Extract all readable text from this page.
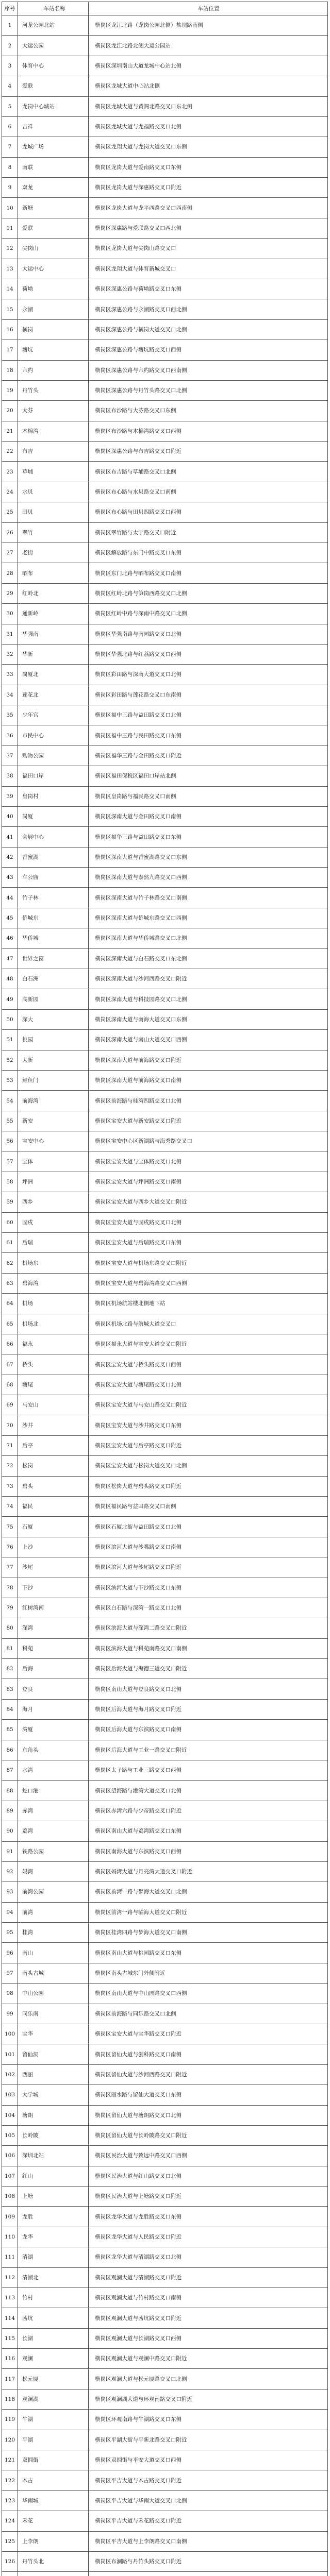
序号	车站名称	车站位置
1	河龙公园北站	横岗区龙江北路（龙岗公园北侧）盐坝路南侧
2	大运公园	横岗区龙江北路北侧大运公园站
3	体育中心	横岗区深圳南山大道龙城中心站北侧
4	爱联	横岗区龙城大道中心站北侧
5	龙岗中心城站	横岗区龙城大道与黄阁北路交叉口东北侧
6	吉祥	横岗区龙城大道与龙福路交叉口北侧
7	龙城广场	横岗区龙翔大道与龙岗大道交叉口东侧
8	南联	横岗区龙岗大道与爱南路交叉口东侧
9	双龙	横岗区龙岗大道与深惠路交叉口附近
10	新塘	横岗区龙岗大道与龙平西路交叉口西南侧
11	爱联	横岗区深惠路与爱联路交叉口西北侧
12	尖岗山	横岗区龙岗大道与尖岗山路交叉口
13	大运中心	横岗区龙翔大道与体育新城交叉口
14	荷坳	横岗区深惠公路与荷坳路交叉口东侧
15	永湖	横岗区深惠公路与永湖路交叉口西北侧
16	横岗	横岗区深惠公路与横岗大道交叉口北侧
17	塘坑	横岗区深惠公路与塘坑路交叉口西侧
18	六约	横岗区深惠公路与六约路交叉口西南侧
19	丹竹头	横岗区深惠公路与丹竹头路交叉口北侧
20	大芬	横岗区布沙路与大芬路交叉口东侧
21	木棉湾	横岗区布沙路与木棉湾路交叉口西侧
22	布吉	横岗区深惠公路与布吉路交叉口附近
23	草埔	横岗区布吉路与草埔路交叉口北侧
24	水贝	横岗区布心路与水贝路交叉口南侧
25	田贝	横岗区布心路与田贝四路交叉口西侧
26	翠竹	横岗区翠竹路与太宁路交叉口附近
27	老街	横岗区解放路与东门中路交叉口东侧
28	晒布	横岗区东门北路与晒布路交叉口南侧
29	红岭北	横岗区红岭北路与笋岗西路交叉口北侧
30	通新岭	横岗区红岭中路与深南中路交叉口北侧
31	华强南	横岗区华强南路与南园路交叉口北侧
32	华新	横岗区华强北路与红荔路交叉口西侧
33	岗厦北	横岗区彩田路与深南大道交叉口北侧
34	莲花北	横岗区彩田路与莲花路交叉口东南侧
35	少年宫	横岗区福中三路与益田路交叉口北侧
36	市民中心	横岗区福中三路与民田路交叉口东侧
37	购物公园	横岗区福华三路与金田路交叉口附近
38	福田口岸	横岗区福田保税区福田口岸站北侧
39	皇岗村	横岗区皇岗路与福民路交叉口南侧
40	岗厦	横岗区深南大道与金田路交叉口南侧
41	会展中心	横岗区福华三路与益田路交叉口东侧
42	香蜜湖	横岗区深南大道与香蜜湖路交叉口东侧
43	车公庙	横岗区深南大道与泰然九路交叉口西侧
44	竹子林	横岗区深南大道与竹子林路交叉口南侧
45	侨城东	横岗区深南大道与侨城东路交叉口西侧
46	华侨城	横岗区深南大道与华侨城路交叉口北侧
47	世界之窗	横岗区深南大道与白石路交叉口东北侧
48	白石洲	横岗区深南大道与沙河西路交叉口附近
49	高新园	横岗区深南大道与科技园路交叉口北侧
50	深大	横岗区深南大道与南海大道交叉口东侧
51	桃园	横岗区深南大道与南山大道交叉口西侧
52	大新	横岗区深南大道与前海路交叉口附近
53	鲤鱼门	横岗区深南大道与前海路交叉口南侧
54	前海湾	横岗区前海路与桂湾四路交叉口北侧
55	新安	横岗区宝安大道与新安路交叉口附近
56	宝安中心	横岗区宝安中心区新湖路与海秀路交叉口
57	宝体	横岗区宝安大道与宝体路交叉口北侧
58	坪洲	横岗区宝安大道与坪洲路交叉口南侧
59	西乡	横岗区宝安大道与西乡大道交叉口附近
60	固戍	横岗区宝安大道与固戍路交叉口北侧
61	后瑞	横岗区宝安大道与后瑞路交叉口东侧
62	机场东	横岗区宝安大道与机场东路交叉口附近
63	碧海湾	横岗区宝安大道与碧海湾路交叉口西侧
64	机场	横岗区机场航站楼北侧地下站
65	机场北	横岗区机场北路与航城大道交叉口
66	福永	横岗区福永大道与宝安大道交叉口附近
67	桥头	横岗区宝安大道与桥头路交叉口西侧
68	塘尾	横岗区宝安大道与塘尾路交叉口北侧
69	马安山	横岗区宝安大道与马安山路交叉口附近
70	沙井	横岗区宝安大道与沙井路交叉口东侧
71	后亭	横岗区宝安大道与后亭路交叉口附近
72	松岗	横岗区宝安大道与松岗大道交叉口北侧
73	碧头	横岗区松岗大道与碧头路交叉口附近
74	福民	横岗区福民路与益田路交叉口南侧
75	石厦	横岗区石厦北街与益田路交叉口北侧
76	上沙	横岗区滨河大道与沙嘴路交叉口南侧
77	沙尾	横岗区滨河大道与沙尾路交叉口附近
78	下沙	横岗区滨河大道与下沙路交叉口东侧
79	红树湾南	横岗区白石路与深湾一路交叉口北侧
80	深湾	横岗区滨海大道与深湾二路交叉口附近
81	科苑	横岗区滨海大道与科苑南路交叉口南侧
82	后海	横岗区后海大道与海德三道交叉口附近
83	登良	横岗区南山大道与登良路交叉口北侧
84	海月	横岗区后海大道与海月路交叉口附近
85	湾厦	横岗区后海大道与东滨路交叉口南侧
86	东角头	横岗区后海大道与工业一路交叉口附近
87	水湾	横岗区太子路与工业三路交叉口西侧
88	蛇口港	横岗区望海路与港湾大道交叉口北侧
89	赤湾	横岗区赤湾六路与少帝路交叉口附近
90	荔湾	横岗区南山大道与荔湾路交叉口东侧
91	铁路公园	横岗区南海大道与东滨路交叉口西侧
92	妈湾	横岗区妈湾大道与月亮湾大道交叉口附近
93	前湾公园	横岗区前湾一路与梦海大道交叉口北侧
94	前湾	横岗区前湾一路与临海大道交叉口附近
95	桂湾	横岗区桂湾四路与梦海大道交叉口南侧
96	南山	横岗区南山大道与桃园路交叉口东侧
97	南头古城	横岗区南头古城东门外侧附近
98	中山公园	横岗区南山大道与中山园路交叉口西侧
99	同乐南	横岗区前海路与同乐路交叉口北侧
100	宝华	横岗区宝安大道与宝华路交叉口附近
101	留仙洞	横岗区留仙大道与创科路交叉口南侧
102	西丽	横岗区留仙大道与沙河西路交叉口附近
103	大学城	横岗区丽水路与留仙大道交叉口东侧
104	塘朗	横岗区留仙大道与塘朗路交叉口北侧
105	长岭陂	横岗区留仙大道与长岭陂路交叉口附近
106	深圳北站	横岗区民治大道与致远中路交叉口西侧
107	红山	横岗区民治大道与红山路交叉口北侧
108	上塘	横岗区民治大道与上塘路交叉口附近
109	龙胜	横岗区龙华大道与龙胜路交叉口东侧
110	龙华	横岗区龙华大道与人民路交叉口附近
111	清湖	横岗区龙华大道与清湖路交叉口北侧
112	清湖北	横岗区观澜大道与清湖路交叉口附近
113	竹村	横岗区观澜大道与竹村路交叉口南侧
114	茜坑	横岗区观澜大道与茜坑路交叉口附近
115	长湖	横岗区观澜大道与长湖路交叉口西侧
116	观澜	横岗区观澜大道与观澜中路交叉口附近
117	松元厦	横岗区观澜大道与松元厦路交叉口北侧
118	观澜湖	横岗区观澜湖大道与环观南路交叉口附近
119	牛湖	横岗区环观南路与牛湖路交叉口东侧
120	平湖	横岗区平湖大街与平新北路交叉口附近
121	双拥街	横岗区双拥街与平安大道交叉口西侧
122	木古	横岗区平吉大道与木古路交叉口附近
123	华南城	横岗区平吉大道与华南大道交叉口北侧
124	禾花	横岗区平吉大道与禾花路交叉口附近
125	上李朗	横岗区平吉大道与上李朗路交叉口南侧
126	丹竹头北	横岗区布澜路与丹竹头路交叉口附近
